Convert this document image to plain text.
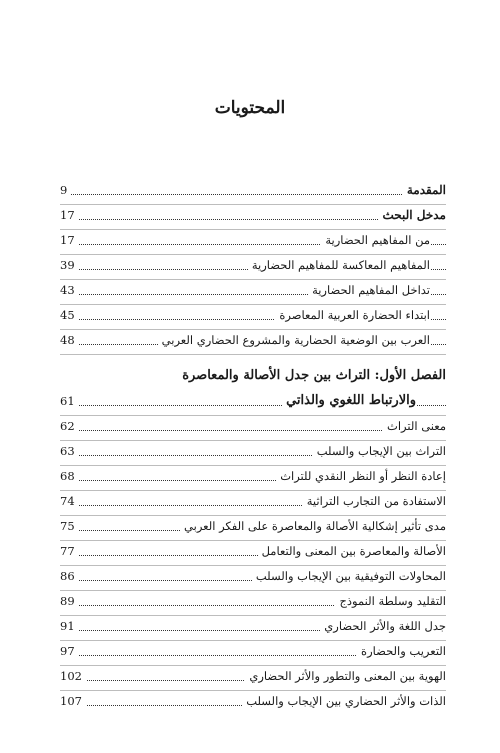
المحتويات
المقدمة
9
مدخل البحث
17
من المفاهيم الحضارية
17
المفاهيم المعاكسة للمفاهيم الحضارية
39
تداخل المفاهيم الحضارية
43
ابتداء الحضارة العربية المعاصرة
45
العرب بين الوضعية الحضارية والمشروع الحضاري العربي
48
الفصل الأول: التراث بين جدل الأصالة والمعاصرة
والارتباط اللغوي والذاتي
61
معنى التراث
62
التراث بين الإيجاب والسلب
63
إعادة النظر أو النظر النقدي للتراث
68
الاستفادة من التجارب التراثية
74
مدى تأثير إشكالية الأصالة والمعاصرة على الفكر العربي
75
الأصالة والمعاصرة بين المعنى والتعامل
77
المحاولات التوفيقية بين الإيجاب والسلب
86
التقليد وسلطة النموذج
89
جدل اللغة والأثر الحضاري
91
التعريب والحضارة
97
الهوية بين المعنى والتطور والأثر الحضاري
102
الذات والأثر الحضاري بين الإيجاب والسلب
107
